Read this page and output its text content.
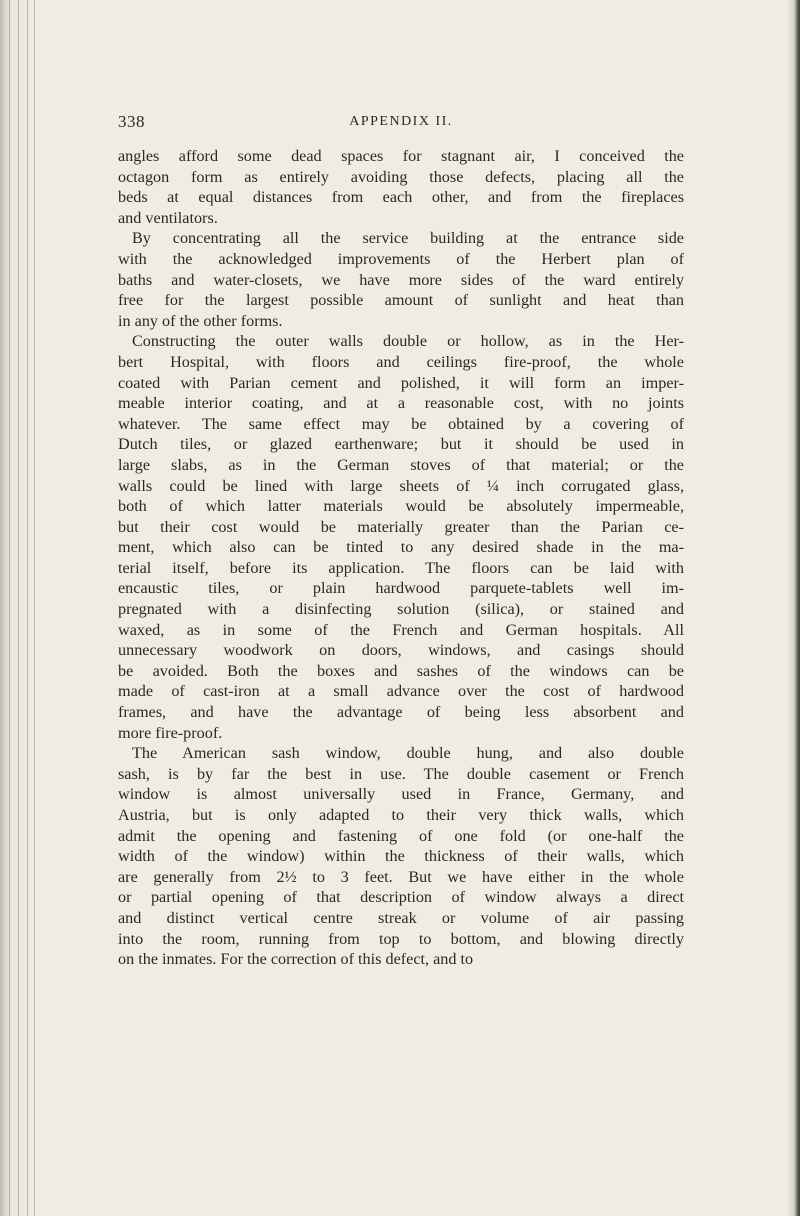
338	APPENDIX II.
angles afford some dead spaces for stagnant air, I conceived the
octagon form as entirely avoiding those defects, placing all the
beds at equal distances from each other, and from the fireplaces
and ventilators.
By concentrating all the service building at the entrance side
with the acknowledged improvements of the Herbert plan of
baths and water-closets, we have more sides of the ward entirely
free for the largest possible amount of sunlight and heat than
in any of the other forms.
Constructing the outer walls double or hollow, as in the Her-
bert Hospital, with floors and ceilings fire-proof, the whole
coated with Parian cement and polished, it will form an imper-
meable interior coating, and at a reasonable cost, with no joints
whatever. The same effect may be obtained by a covering of
Dutch tiles, or glazed earthenware; but it should be used in
large slabs, as in the German stoves of that material; or the
walls could be lined with large sheets of ¼ inch corrugated glass,
both of which latter materials would be absolutely impermeable,
but their cost would be materially greater than the Parian ce-
ment, which also can be tinted to any desired shade in the ma-
terial itself, before its application. The floors can be laid with
encaustic tiles, or plain hardwood parquete-tablets well im-
pregnated with a disinfecting solution (silica), or stained and
waxed, as in some of the French and German hospitals. All
unnecessary woodwork on doors, windows, and casings should
be avoided. Both the boxes and sashes of the windows can be
made of cast-iron at a small advance over the cost of hardwood
frames, and have the advantage of being less absorbent and
more fire-proof.
The American sash window, double hung, and also double
sash, is by far the best in use. The double casement or French
window is almost universally used in France, Germany, and
Austria, but is only adapted to their very thick walls, which
admit the opening and fastening of one fold (or one-half the
width of the window) within the thickness of their walls, which
are generally from 2½ to 3 feet. But we have either in the whole
or partial opening of that description of window always a direct
and distinct vertical centre streak or volume of air passing
into the room, running from top to bottom, and blowing directly
on the inmates. For the correction of this defect, and to
